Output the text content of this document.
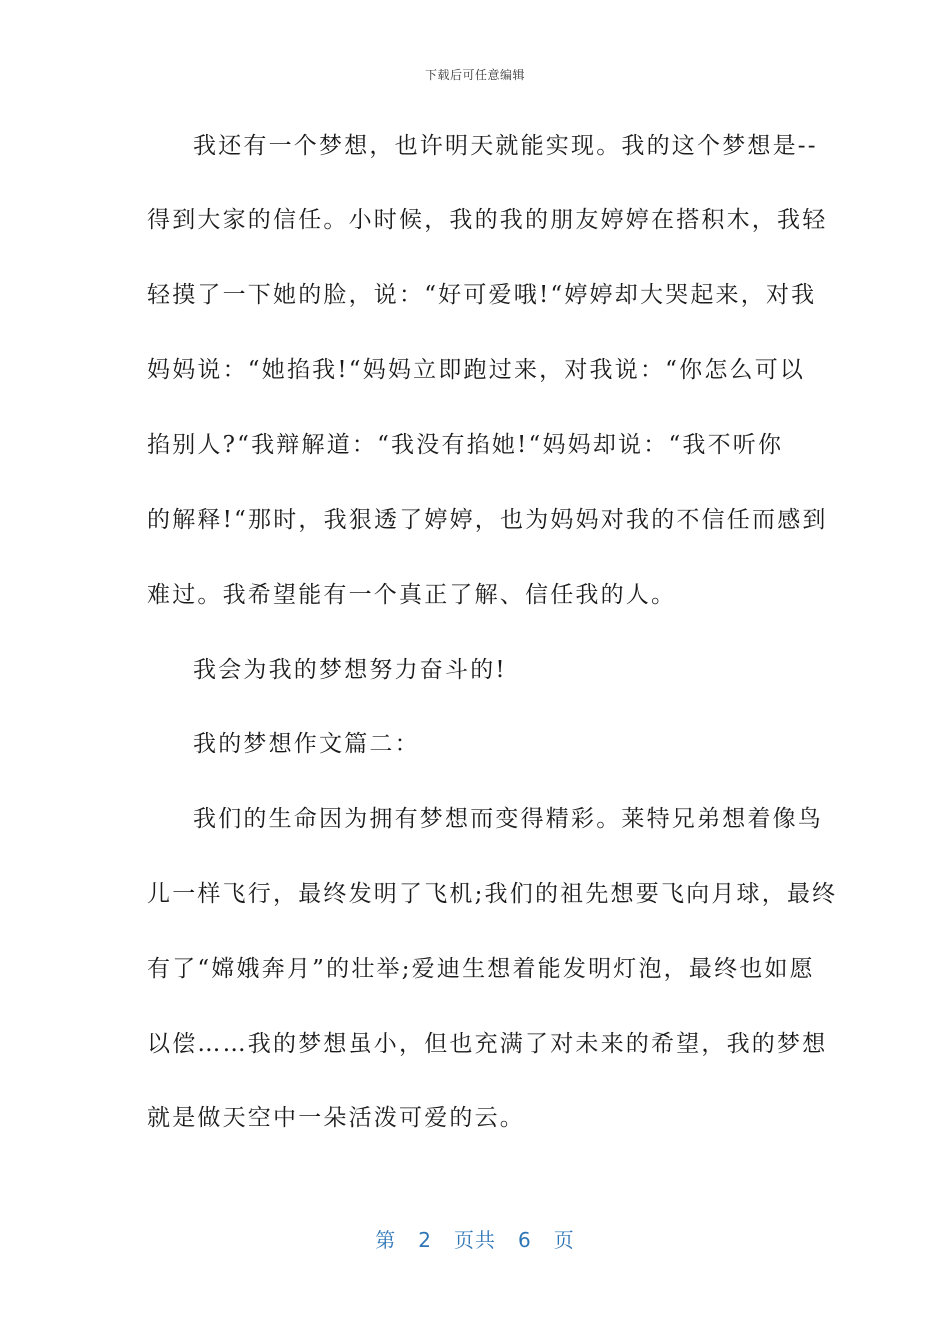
下载后可任意编辑
我还有一个梦想，也许明天就能实现。我的这个梦想是--
得到大家的信任。小时候，我的我的朋友婷婷在搭积木，我轻
轻摸了一下她的脸，说：“好可爱哦!“婷婷却大哭起来，对我
妈妈说：“她掐我!“妈妈立即跑过来，对我说：“你怎么可以
掐别人?“我辩解道：“我没有掐她!“妈妈却说：“我不听你
的解释!“那时，我狠透了婷婷，也为妈妈对我的不信任而感到
难过。我希望能有一个真正了解、信任我的人。
我会为我的梦想努力奋斗的!
我的梦想作文篇二：
我们的生命因为拥有梦想而变得精彩。莱特兄弟想着像鸟
儿一样飞行，最终发明了飞机;我们的祖先想要飞向月球，最终
有了“嫦娥奔月”的壮举;爱迪生想着能发明灯泡，最终也如愿
以偿……我的梦想虽小，但也充满了对未来的希望，我的梦想
就是做天空中一朵活泼可爱的云。
第 2 页共 6 页
